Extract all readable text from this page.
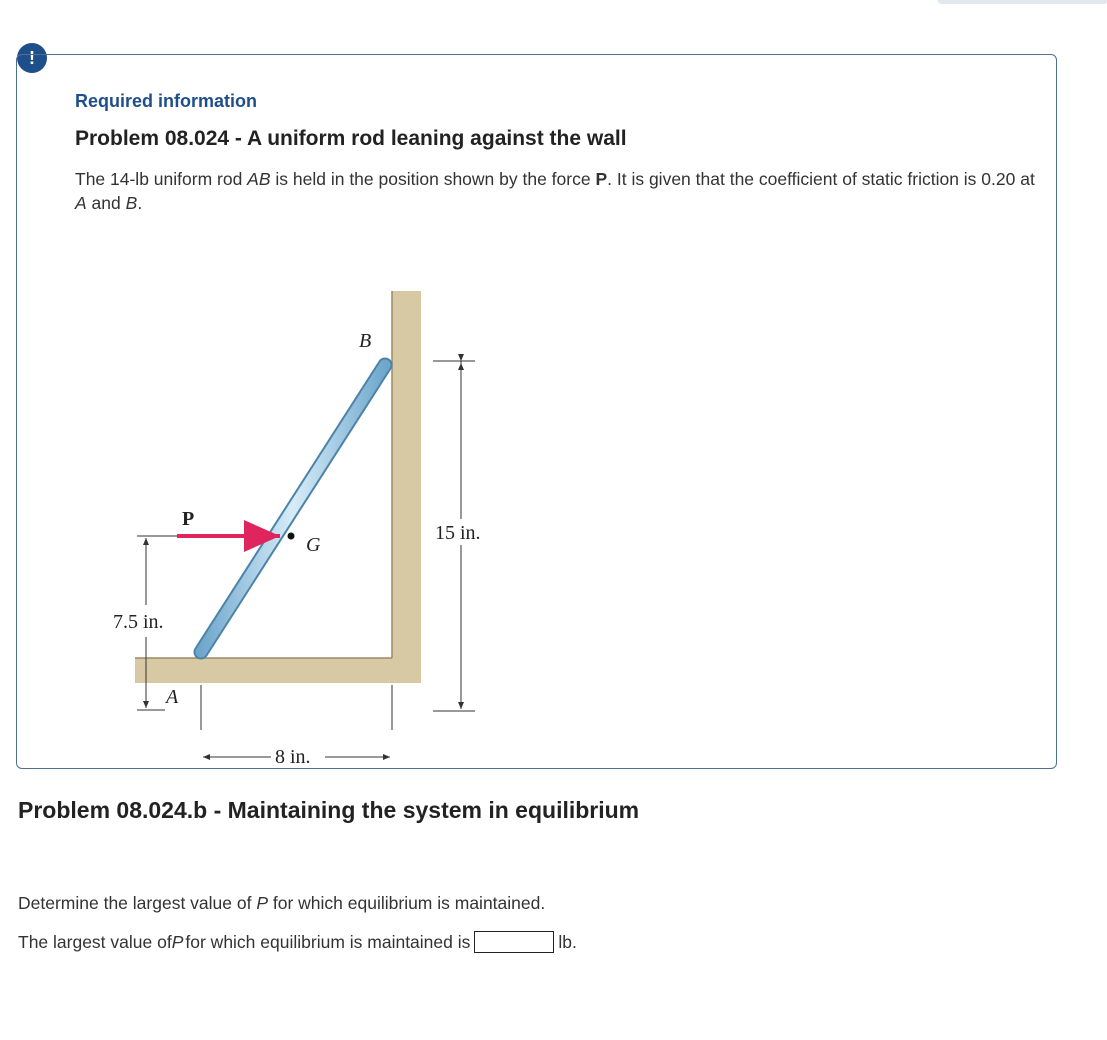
!
Required information
Problem 08.024 - A uniform rod leaning against the wall

The 14-lb uniform rod AB is held in the position shown by the force P. It is given that the coefficient of static friction is 0.20 at A and B.

B
P
G
A
15 in.
7.5 in.
8 in.
Problem 08.024.b - Maintaining the system in equilibrium

Determine the largest value of P for which equilibrium is maintained.

The largest value of P for which equilibrium is maintained is	lb.
